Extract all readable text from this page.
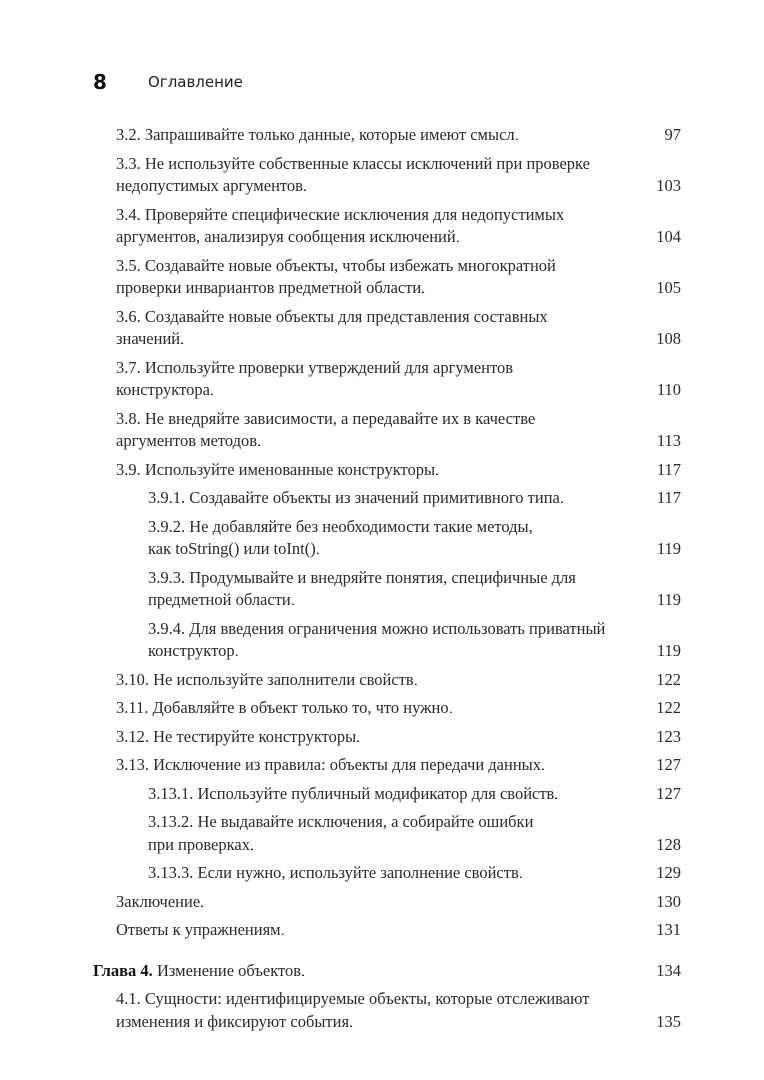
8	Оглавление
3.2. Запрашивайте только данные, которые имеют смысл . . .	97
3.3. Не используйте собственные классы исключений при проверке
недопустимых аргументов . . .	103
3.4. Проверяйте специфические исключения для недопустимых
аргументов, анализируя сообщения исключений . . .	104
3.5. Создавайте новые объекты, чтобы избежать многократной
проверки инвариантов предметной области . . .	105
3.6. Создавайте новые объекты для представления составных
значений . . .	108
3.7. Используйте проверки утверждений для аргументов
конструктора . . .	110
3.8. Не внедряйте зависимости, а передавайте их в качестве
аргументов методов . . .	113
3.9. Используйте именованные конструкторы . . .	117
3.9.1. Создавайте объекты из значений примитивного типа . . .	117
3.9.2. Не добавляйте без необходимости такие методы,
как toString() или toInt() . . .	119
3.9.3. Продумывайте и внедряйте понятия, специфичные для
предметной области . . .	119
3.9.4. Для введения ограничения можно использовать приватный
конструктор . . .	119
3.10. Не используйте заполнители свойств . . .	122
3.11. Добавляйте в объект только то, что нужно . . .	122
3.12. Не тестируйте конструкторы . . .	123
3.13. Исключение из правила: объекты для передачи данных . . .	127
3.13.1. Используйте публичный модификатор для свойств . . .	127
3.13.2. Не выдавайте исключения, а собирайте ошибки
при проверках . . .	128
3.13.3. Если нужно, используйте заполнение свойств . . .	129
Заключение . . .	130
Ответы к упражнениям . . .	131
Глава 4.
Изменение объектов . . .	134
4.1. Сущности: идентифицируемые объекты, которые отслеживают
изменения и фиксируют события . . .	135
